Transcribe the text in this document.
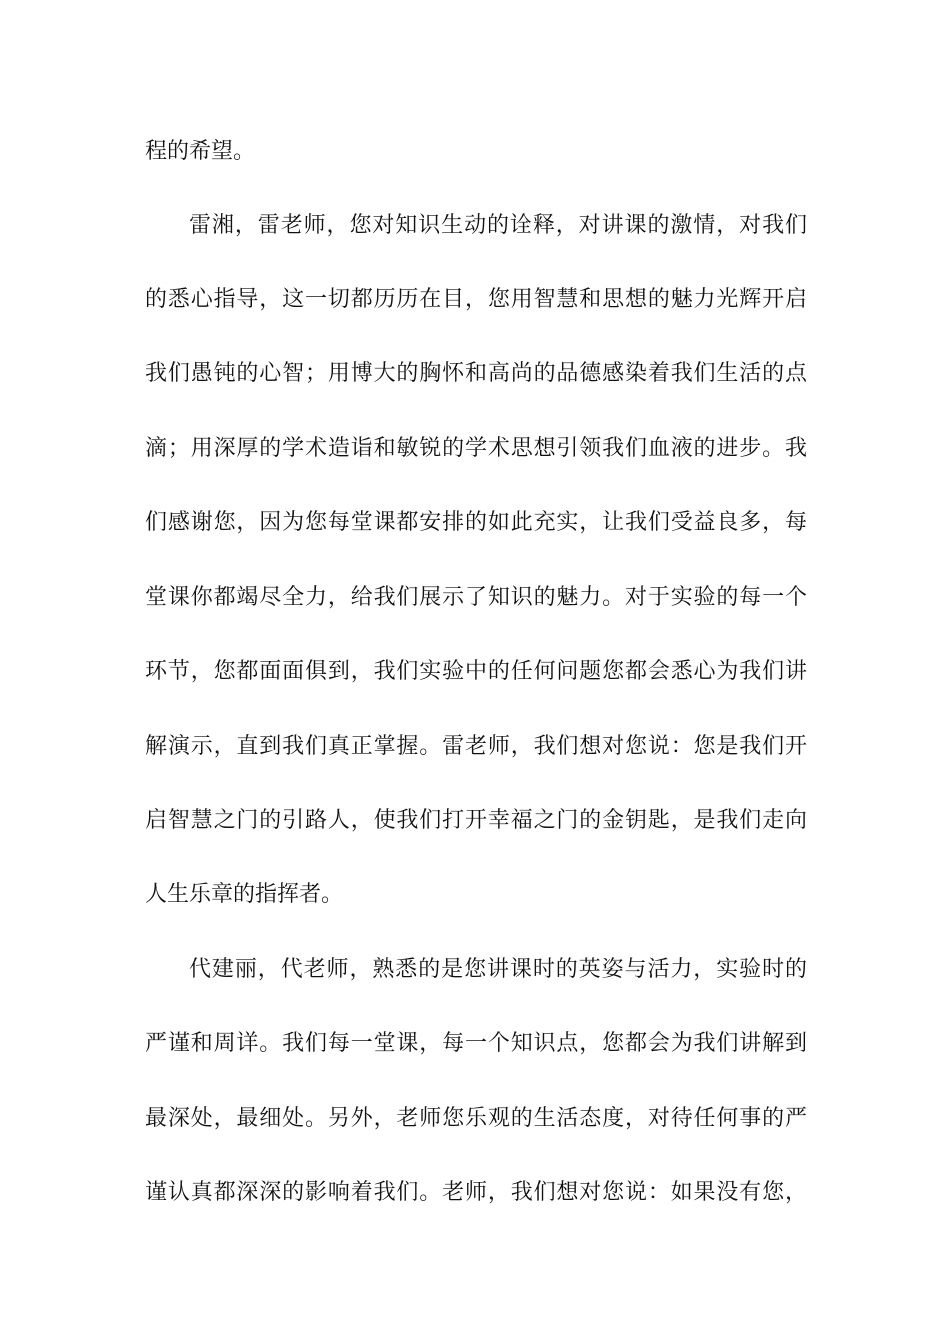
程的希望。

雷湘，雷老师，您对知识生动的诠释，对讲课的激情，对我们

的悉心指导，这一切都历历在目，您用智慧和思想的魅力光辉开启

我们愚钝的心智；用博大的胸怀和高尚的品德感染着我们生活的点

滴；用深厚的学术造诣和敏锐的学术思想引领我们血液的进步。我

们感谢您，因为您每堂课都安排的如此充实，让我们受益良多，每

堂课你都竭尽全力，给我们展示了知识的魅力。对于实验的每一个

环节，您都面面俱到，我们实验中的任何问题您都会悉心为我们讲

解演示，直到我们真正掌握。雷老师，我们想对您说：您是我们开

启智慧之门的引路人，使我们打开幸福之门的金钥匙，是我们走向

人生乐章的指挥者。

代建丽，代老师，熟悉的是您讲课时的英姿与活力，实验时的

严谨和周详。我们每一堂课，每一个知识点，您都会为我们讲解到

最深处，最细处。另外，老师您乐观的生活态度，对待任何事的严

谨认真都深深的影响着我们。老师，我们想对您说：如果没有您，
